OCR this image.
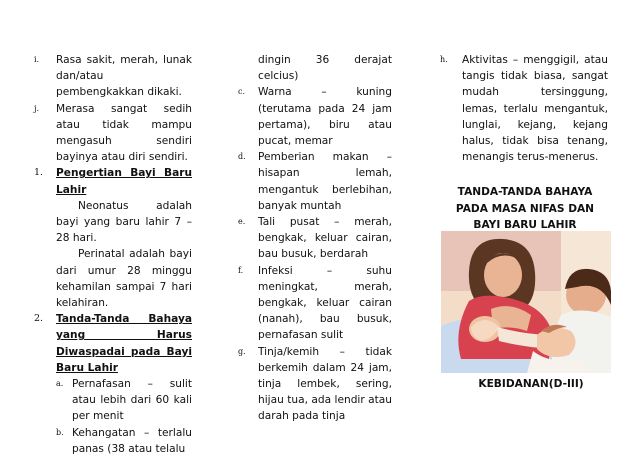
i.	Rasa sakit, merah, lunak dan/atau pembengkakkan dikaki.
j.	Merasa sangat sedih atau tidak mampu mengasuh sendiri bayinya atau diri sendiri.
1.	Pengertian Bayi Baru Lahir
Neonatus adalah bayi yang baru lahir 7 – 28 hari.
Perinatal adalah bayi dari umur 28 minggu kehamilan sampai 7 hari kelahiran.
2.	Tanda-Tanda Bahaya yang Harus Diwaspadai pada Bayi Baru Lahir
a. Pernafasan – sulit atau lebih dari 60 kali per menit
b. Kehangatan – terlalu panas (38 atau telalu
dingin 36 derajat celcius)
c.	Warna – kuning (terutama pada 24 jam pertama), biru atau pucat, memar
d.	Pemberian makan – hisapan lemah, mengantuk berlebihan, banyak muntah
e.	Tali pusat – merah, bengkak, keluar cairan, bau busuk, berdarah
f.	Infeksi – suhu meningkat, merah, bengkak, keluar cairan (nanah), bau busuk, pernafasan sulit
g.	Tinja/kemih – tidak berkemih dalam 24 jam, tinja lembek, sering, hijau tua, ada lendir atau darah pada tinja
h.	Aktivitas – menggigil, atau tangis tidak biasa, sangat mudah tersinggung, lemas, terlalu mengantuk, lunglai, kejang, kejang halus, tidak bisa tenang, menangis terus-menerus.
TANDA-TANDA BAHAYA
PADA MASA NIFAS DAN
BAYI BARU LAHIR
KEBIDANAN(D-III)
